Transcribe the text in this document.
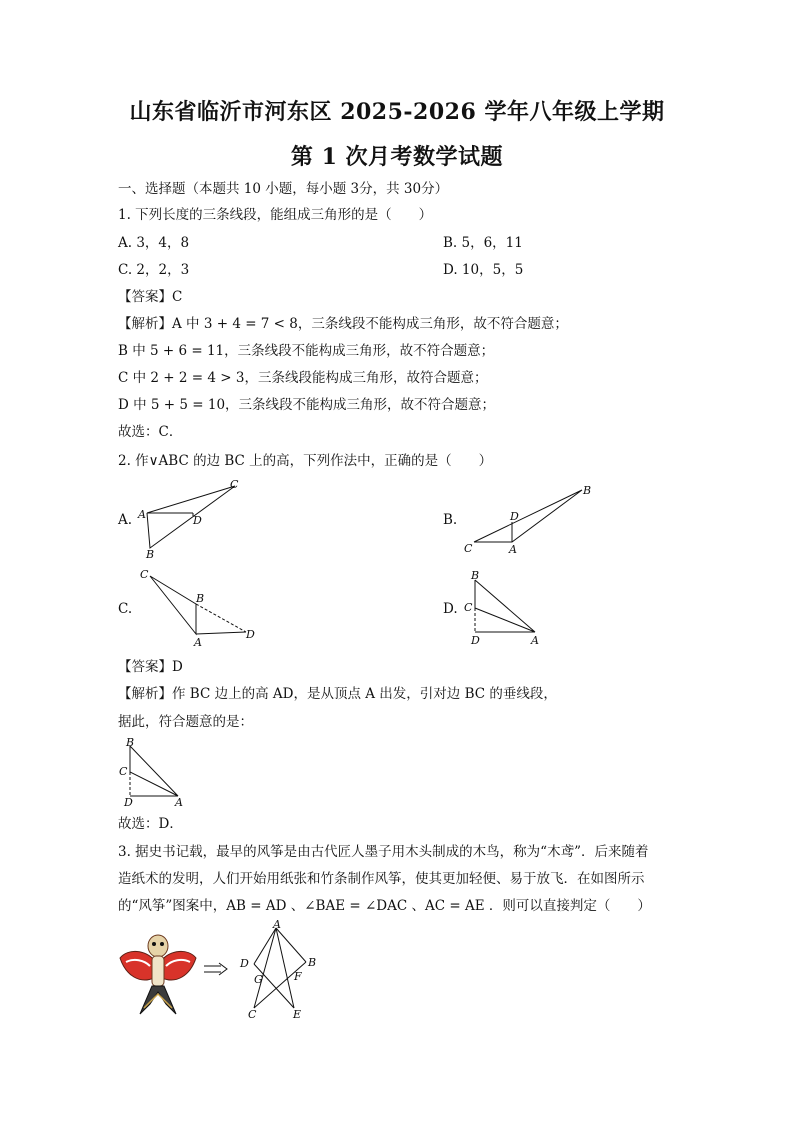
山东省临沂市河东区 2025-2026 学年八年级上学期
第 1 次月考数学试题
一、选择题（本题共 10 小题，每小题 3分，共 30分）
1. 下列长度的三条线段，能组成三角形的是（　　）
A. 3，4，8	B. 5，6，11
C. 2，2，3	D. 10，5，5
【答案】C
【解析】A 中 3 + 4 = 7 < 8，三条线段不能构成三角形，故不符合题意；
B 中 5 + 6 = 11，三条线段不能构成三角形，故不符合题意；
C 中 2 + 2 = 4 > 3，三条线段能构成三角形，故符合题意；
D 中 5 + 5 = 10，三条线段不能构成三角形，故不符合题意；
故选：C．
2. 作∨ABC 的边 BC 上的高，下列作法中，正确的是（　　）
A.
C
A	D
B
B.
B
D
C	A
C.
C
B
D
A
D.
B
C
D	A
【答案】D
【解析】作 BC 边上的高 AD，是从顶点 A 出发，引对边 BC 的垂线段，
据此，符合题意的是：
B
C
D	A
故选：D．
3. 据史书记载，最早的风筝是由古代匠人墨子用木头制成的木鸟，称为“木鸢”．后来随着
造纸术的发明，人们开始用纸张和竹条制作风筝，使其更加轻便、易于放飞．在如图所示
的“风筝”图案中，AB = AD 、∠BAE = ∠DAC 、AC = AE ．则可以直接判定（　　）
A
D	B
G	F
C	E
